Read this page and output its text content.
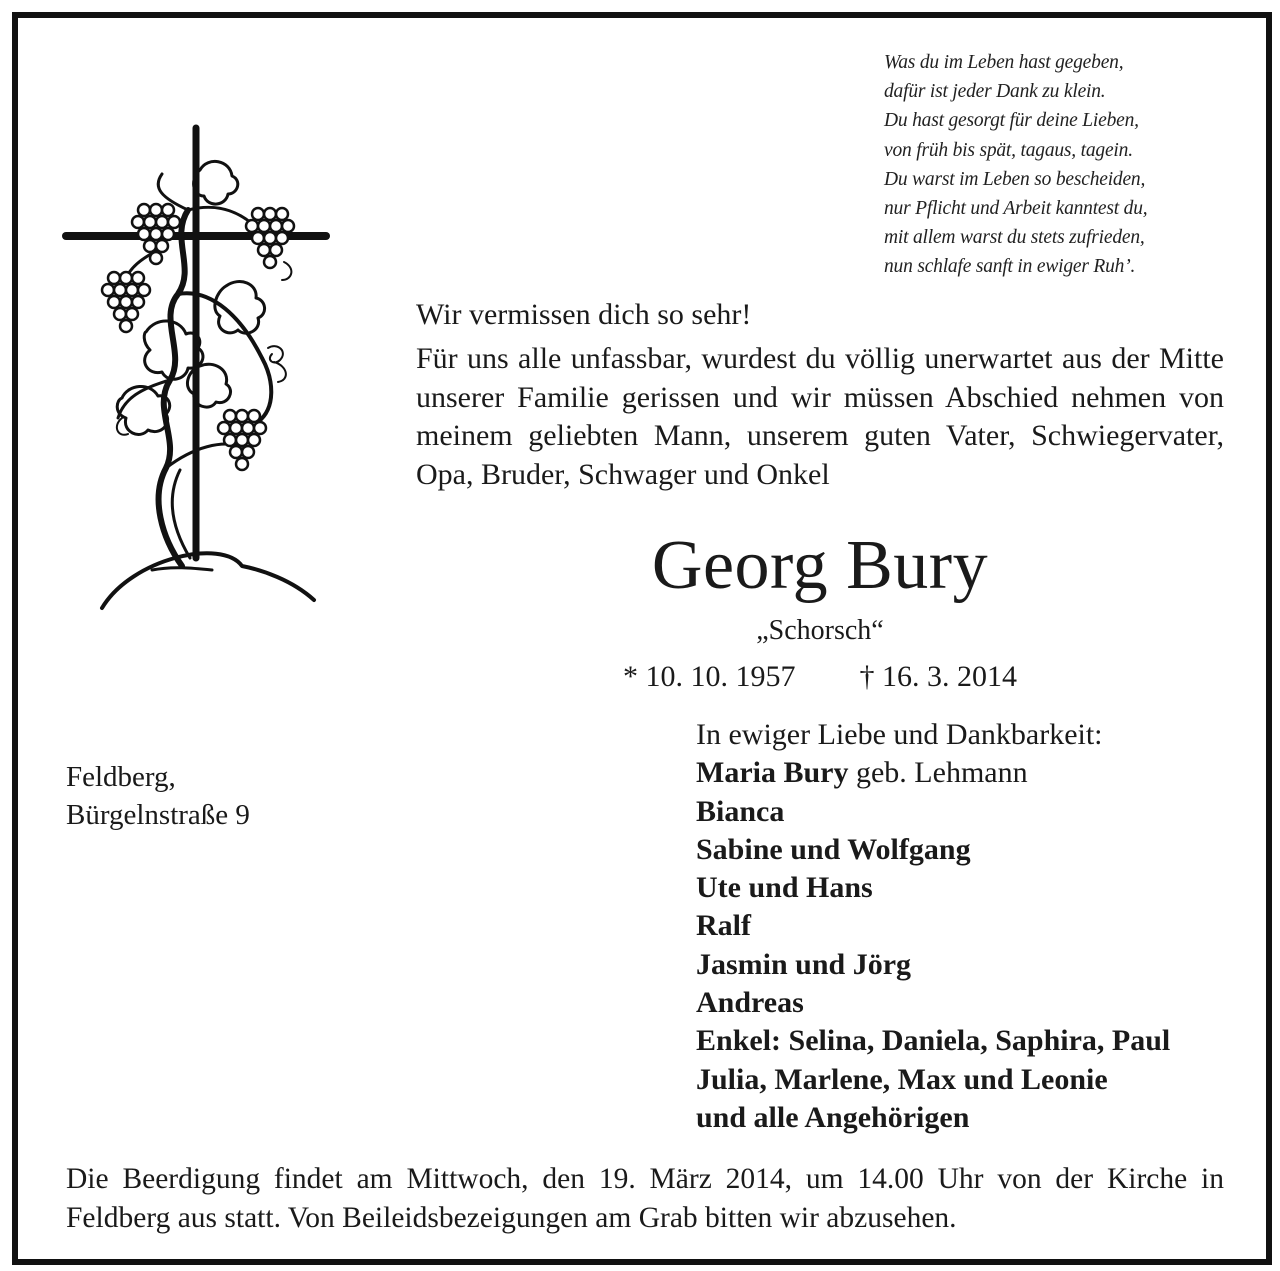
Was du im Leben hast gegeben,
dafür ist jeder Dank zu klein.
Du hast gesorgt für deine Lieben,
von früh bis spät, tagaus, tagein.
Du warst im Leben so bescheiden,
nur Pflicht und Arbeit kanntest du,
mit allem warst du stets zufrieden,
nun schlafe sanft in ewiger Ruh’.
Wir vermissen dich so sehr!
Für uns alle unfassbar, wurdest du völlig unerwartet aus der Mitte unserer Familie gerissen und wir müssen Abschied nehmen von meinem geliebten Mann, unserem guten Vater, Schwiegervater, Opa, Bruder, Schwager und Onkel
Georg Bury
„Schorsch“
* 10. 10. 1957 † 16. 3. 2014
Feldberg,
Bürgelnstraße 9
In ewiger Liebe und Dankbarkeit:
Maria Bury geb. Lehmann
Bianca
Sabine und Wolfgang
Ute und Hans
Ralf
Jasmin und Jörg
Andreas
Enkel: Selina, Daniela, Saphira, Paul
Julia, Marlene, Max und Leonie
und alle Angehörigen
Die Beerdigung findet am Mittwoch, den 19. März 2014, um 14.00 Uhr von der Kirche in Feldberg aus statt. Von Beileidsbezeigungen am Grab bitten wir abzusehen.
